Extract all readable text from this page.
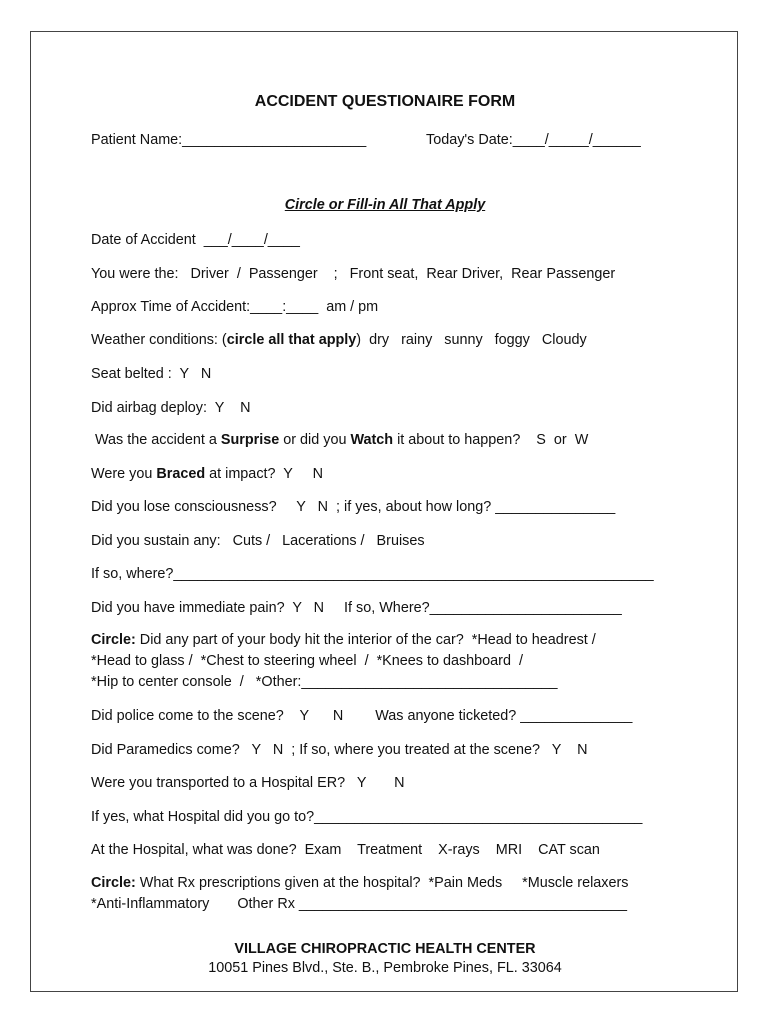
ACCIDENT QUESTIONAIRE FORM
Patient Name:_______________________	Today's Date:____/_____/______
Circle or Fill-in All That Apply
Date of Accident  ___/____/____
You were the:   Driver  /  Passenger    ;   Front seat,  Rear Driver,  Rear Passenger
Approx Time of Accident:____:____  am / pm
Weather conditions: (circle all that apply)  dry   rainy   sunny   foggy   Cloudy
Seat belted :  Y   N
Did airbag deploy:  Y    N
Was the accident a Surprise or did you Watch it about to happen?    S  or  W
Were you Braced at impact?  Y     N
Did you lose consciousness?     Y   N  ; if yes, about how long? _______________
Did you sustain any:   Cuts /   Lacerations /   Bruises
If so, where?____________________________________________________________
Did you have immediate pain?  Y   N     If so, Where?________________________
Circle: Did any part of your body hit the interior of the car?  *Head to headrest /
*Head to glass /  *Chest to steering wheel  /  *Knees to dashboard  /
*Hip to center console  /   *Other:________________________________
Did police come to the scene?    Y      N        Was anyone ticketed? ______________
Did Paramedics come?   Y   N  ; If so, where you treated at the scene?   Y    N
Were you transported to a Hospital ER?   Y       N
If yes, what Hospital did you go to?_________________________________________
At the Hospital, what was done?  Exam    Treatment    X-rays    MRI    CAT scan
Circle: What Rx prescriptions given at the hospital?  *Pain Meds     *Muscle relaxers
*Anti-Inflammatory       Other Rx _________________________________________
VILLAGE CHIROPRACTIC HEALTH CENTER
10051 Pines Blvd., Ste. B., Pembroke Pines, FL. 33064
